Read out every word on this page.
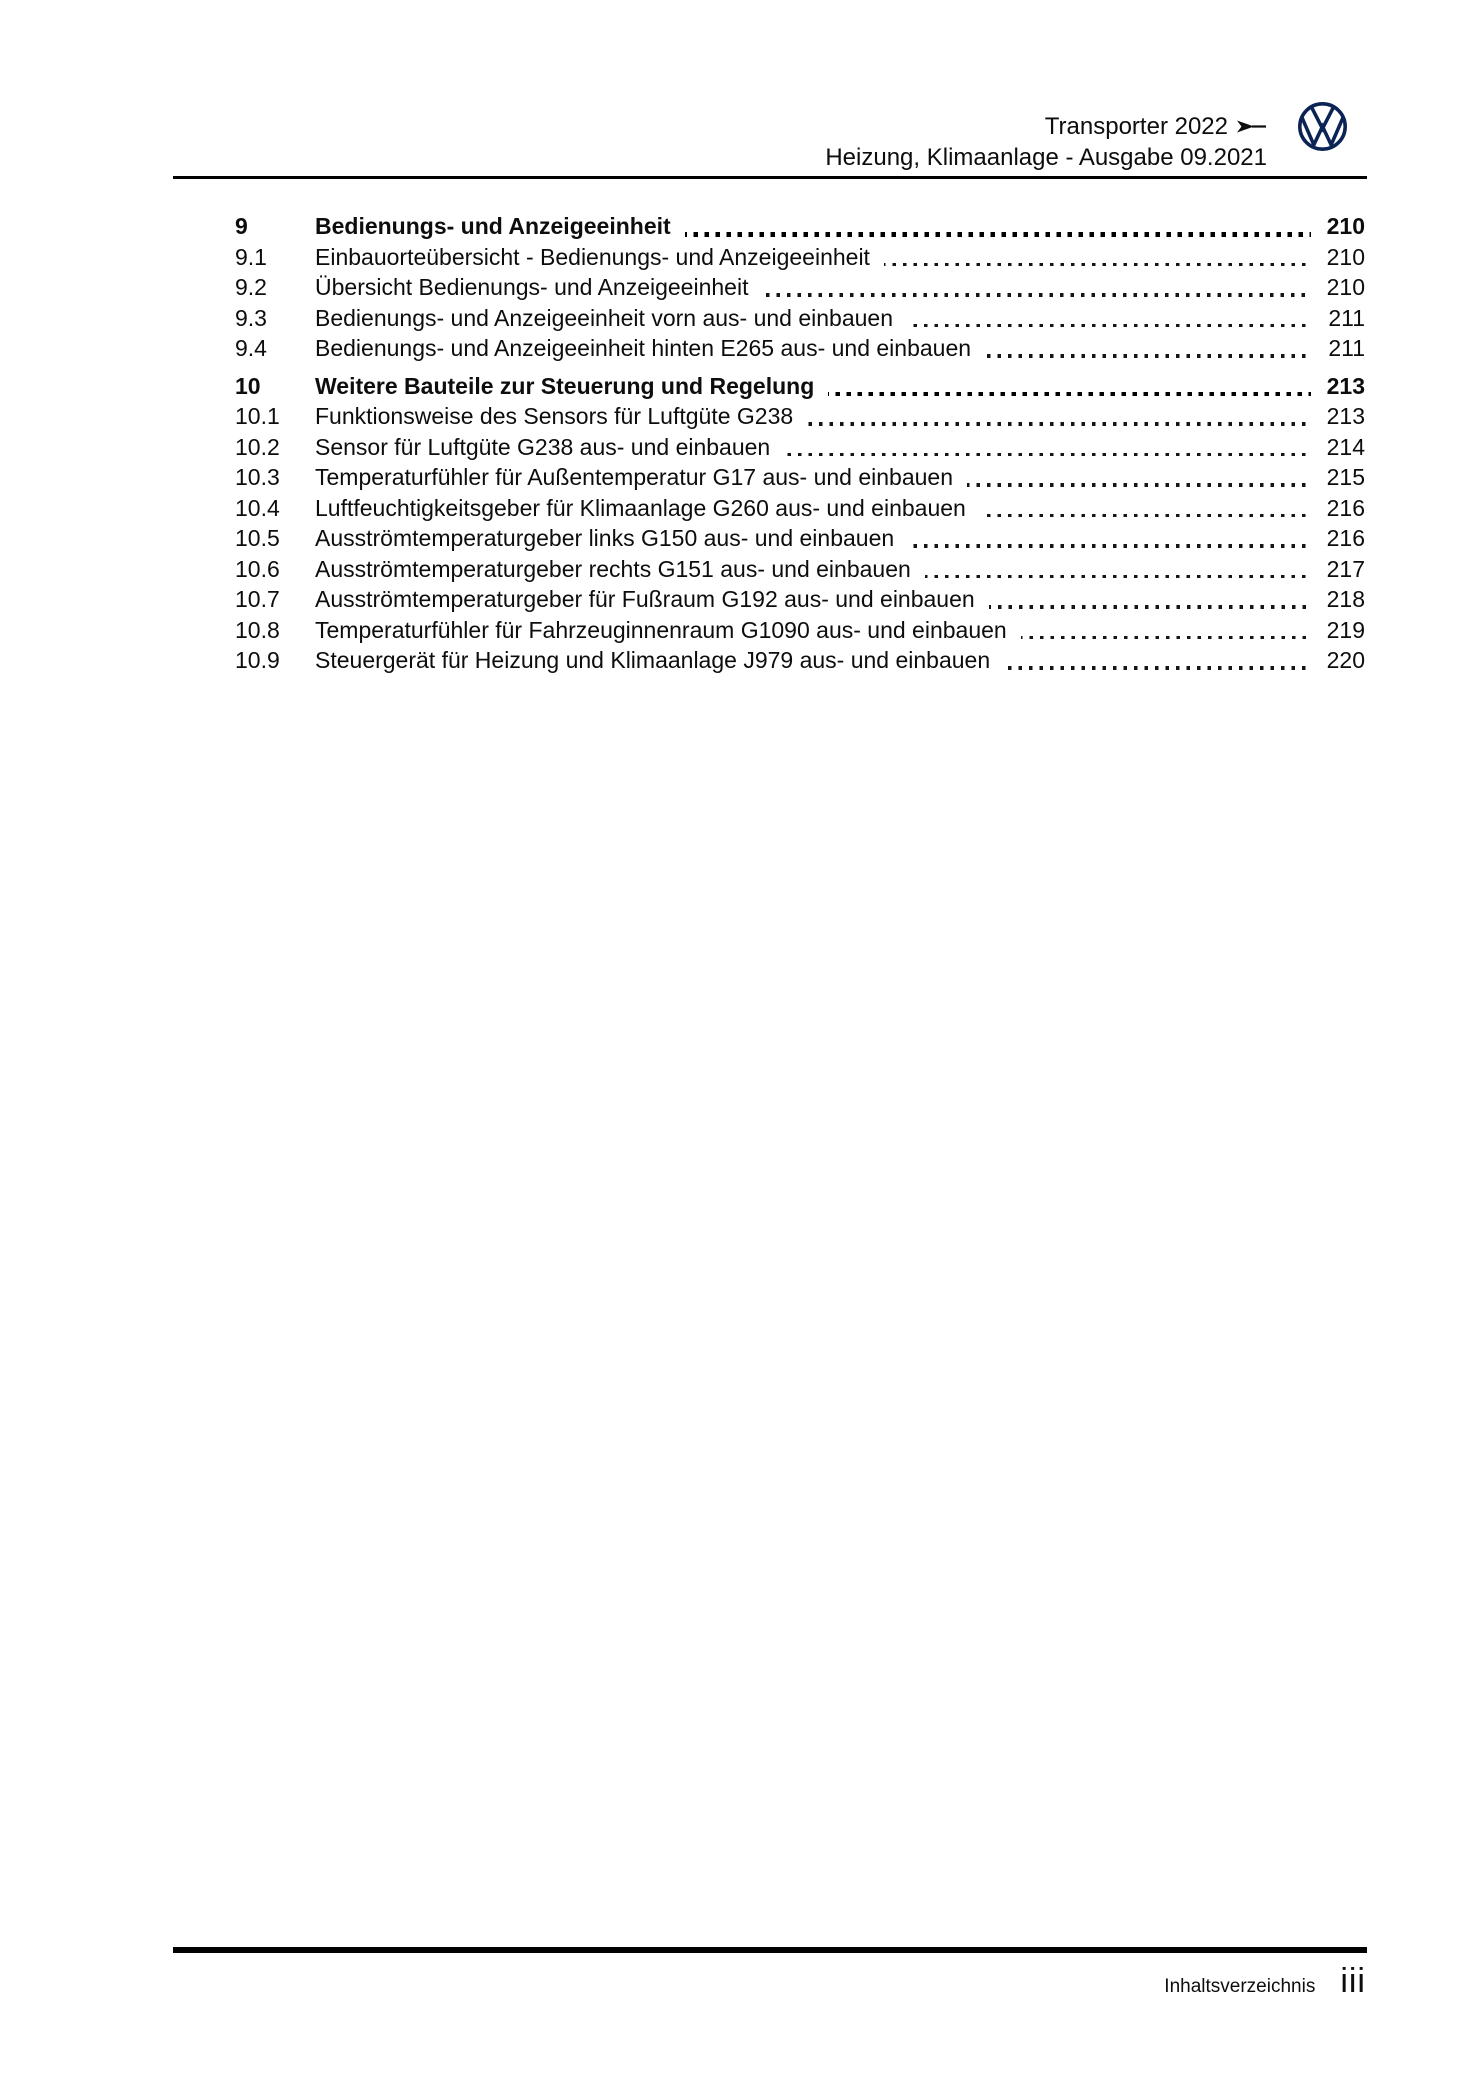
Transporter 2022
Heizung, Klimaanlage - Ausgabe 09.2021
9	Bedienungs- und Anzeigeeinheit	210
9.1	Einbauorteübersicht - Bedienungs- und Anzeigeeinheit	210
9.2	Übersicht Bedienungs- und Anzeigeeinheit	210
9.3	Bedienungs- und Anzeigeeinheit vorn aus- und einbauen	211
9.4	Bedienungs- und Anzeigeeinheit hinten E265 aus- und einbauen	211
10	Weitere Bauteile zur Steuerung und Regelung	213
10.1	Funktionsweise des Sensors für Luftgüte G238	213
10.2	Sensor für Luftgüte G238 aus- und einbauen	214
10.3	Temperaturfühler für Außentemperatur G17 aus- und einbauen	215
10.4	Luftfeuchtigkeitsgeber für Klimaanlage G260 aus- und einbauen	216
10.5	Ausströmtemperaturgeber links G150 aus- und einbauen	216
10.6	Ausströmtemperaturgeber rechts G151 aus- und einbauen	217
10.7	Ausströmtemperaturgeber für Fußraum G192 aus- und einbauen	218
10.8	Temperaturfühler für Fahrzeuginnenraum G1090 aus- und einbauen	219
10.9	Steuergerät für Heizung und Klimaanlage J979 aus- und einbauen	220
Inhaltsverzeichnis iii
